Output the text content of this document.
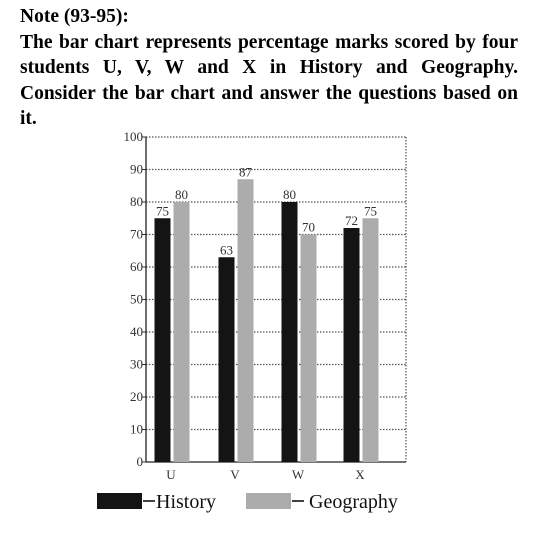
Note (93-95):
The bar chart represents percentage marks scored by four students U, V, W and X in History and Geography. Consider the bar chart and answer the questions based on it.
0
10
20
30
40
50
60
70
80
90
100
75
80
U
63
87
V
80
70
W
72
75
X
History	Geography
